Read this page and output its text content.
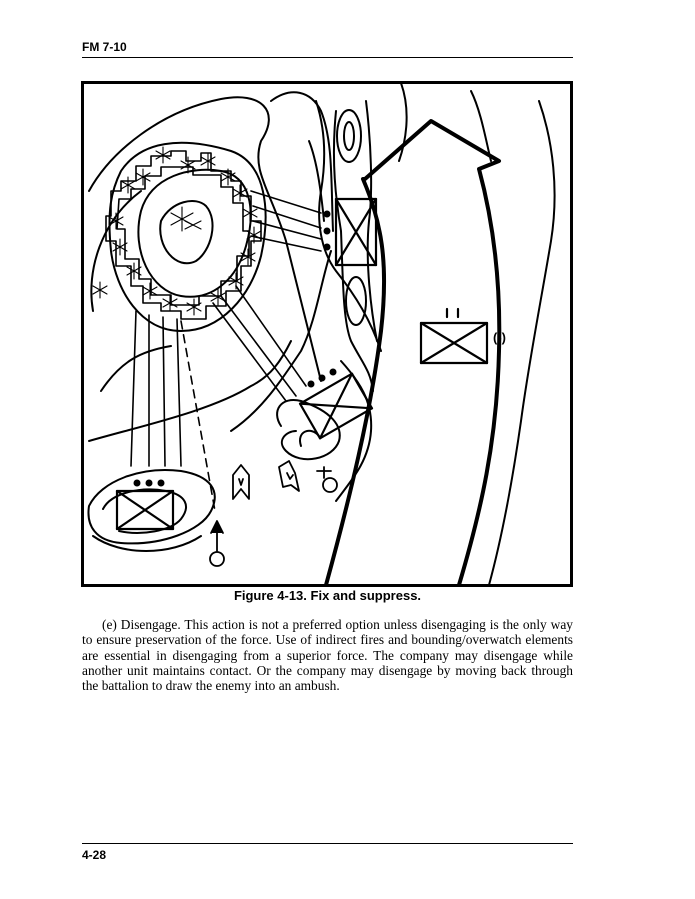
FM 7-10
(-)
Figure 4-13. Fix and suppress.

(e) Disengage. This action is not a preferred option unless disengaging is the only way to ensure preservation of the force. Use of indirect fires and bounding/overwatch elements are essential in disengaging from a superior force. The company may disengage while another unit maintains contact. Or the company may disengage by moving back through the battalion to draw the enemy into an ambush.

4-28
